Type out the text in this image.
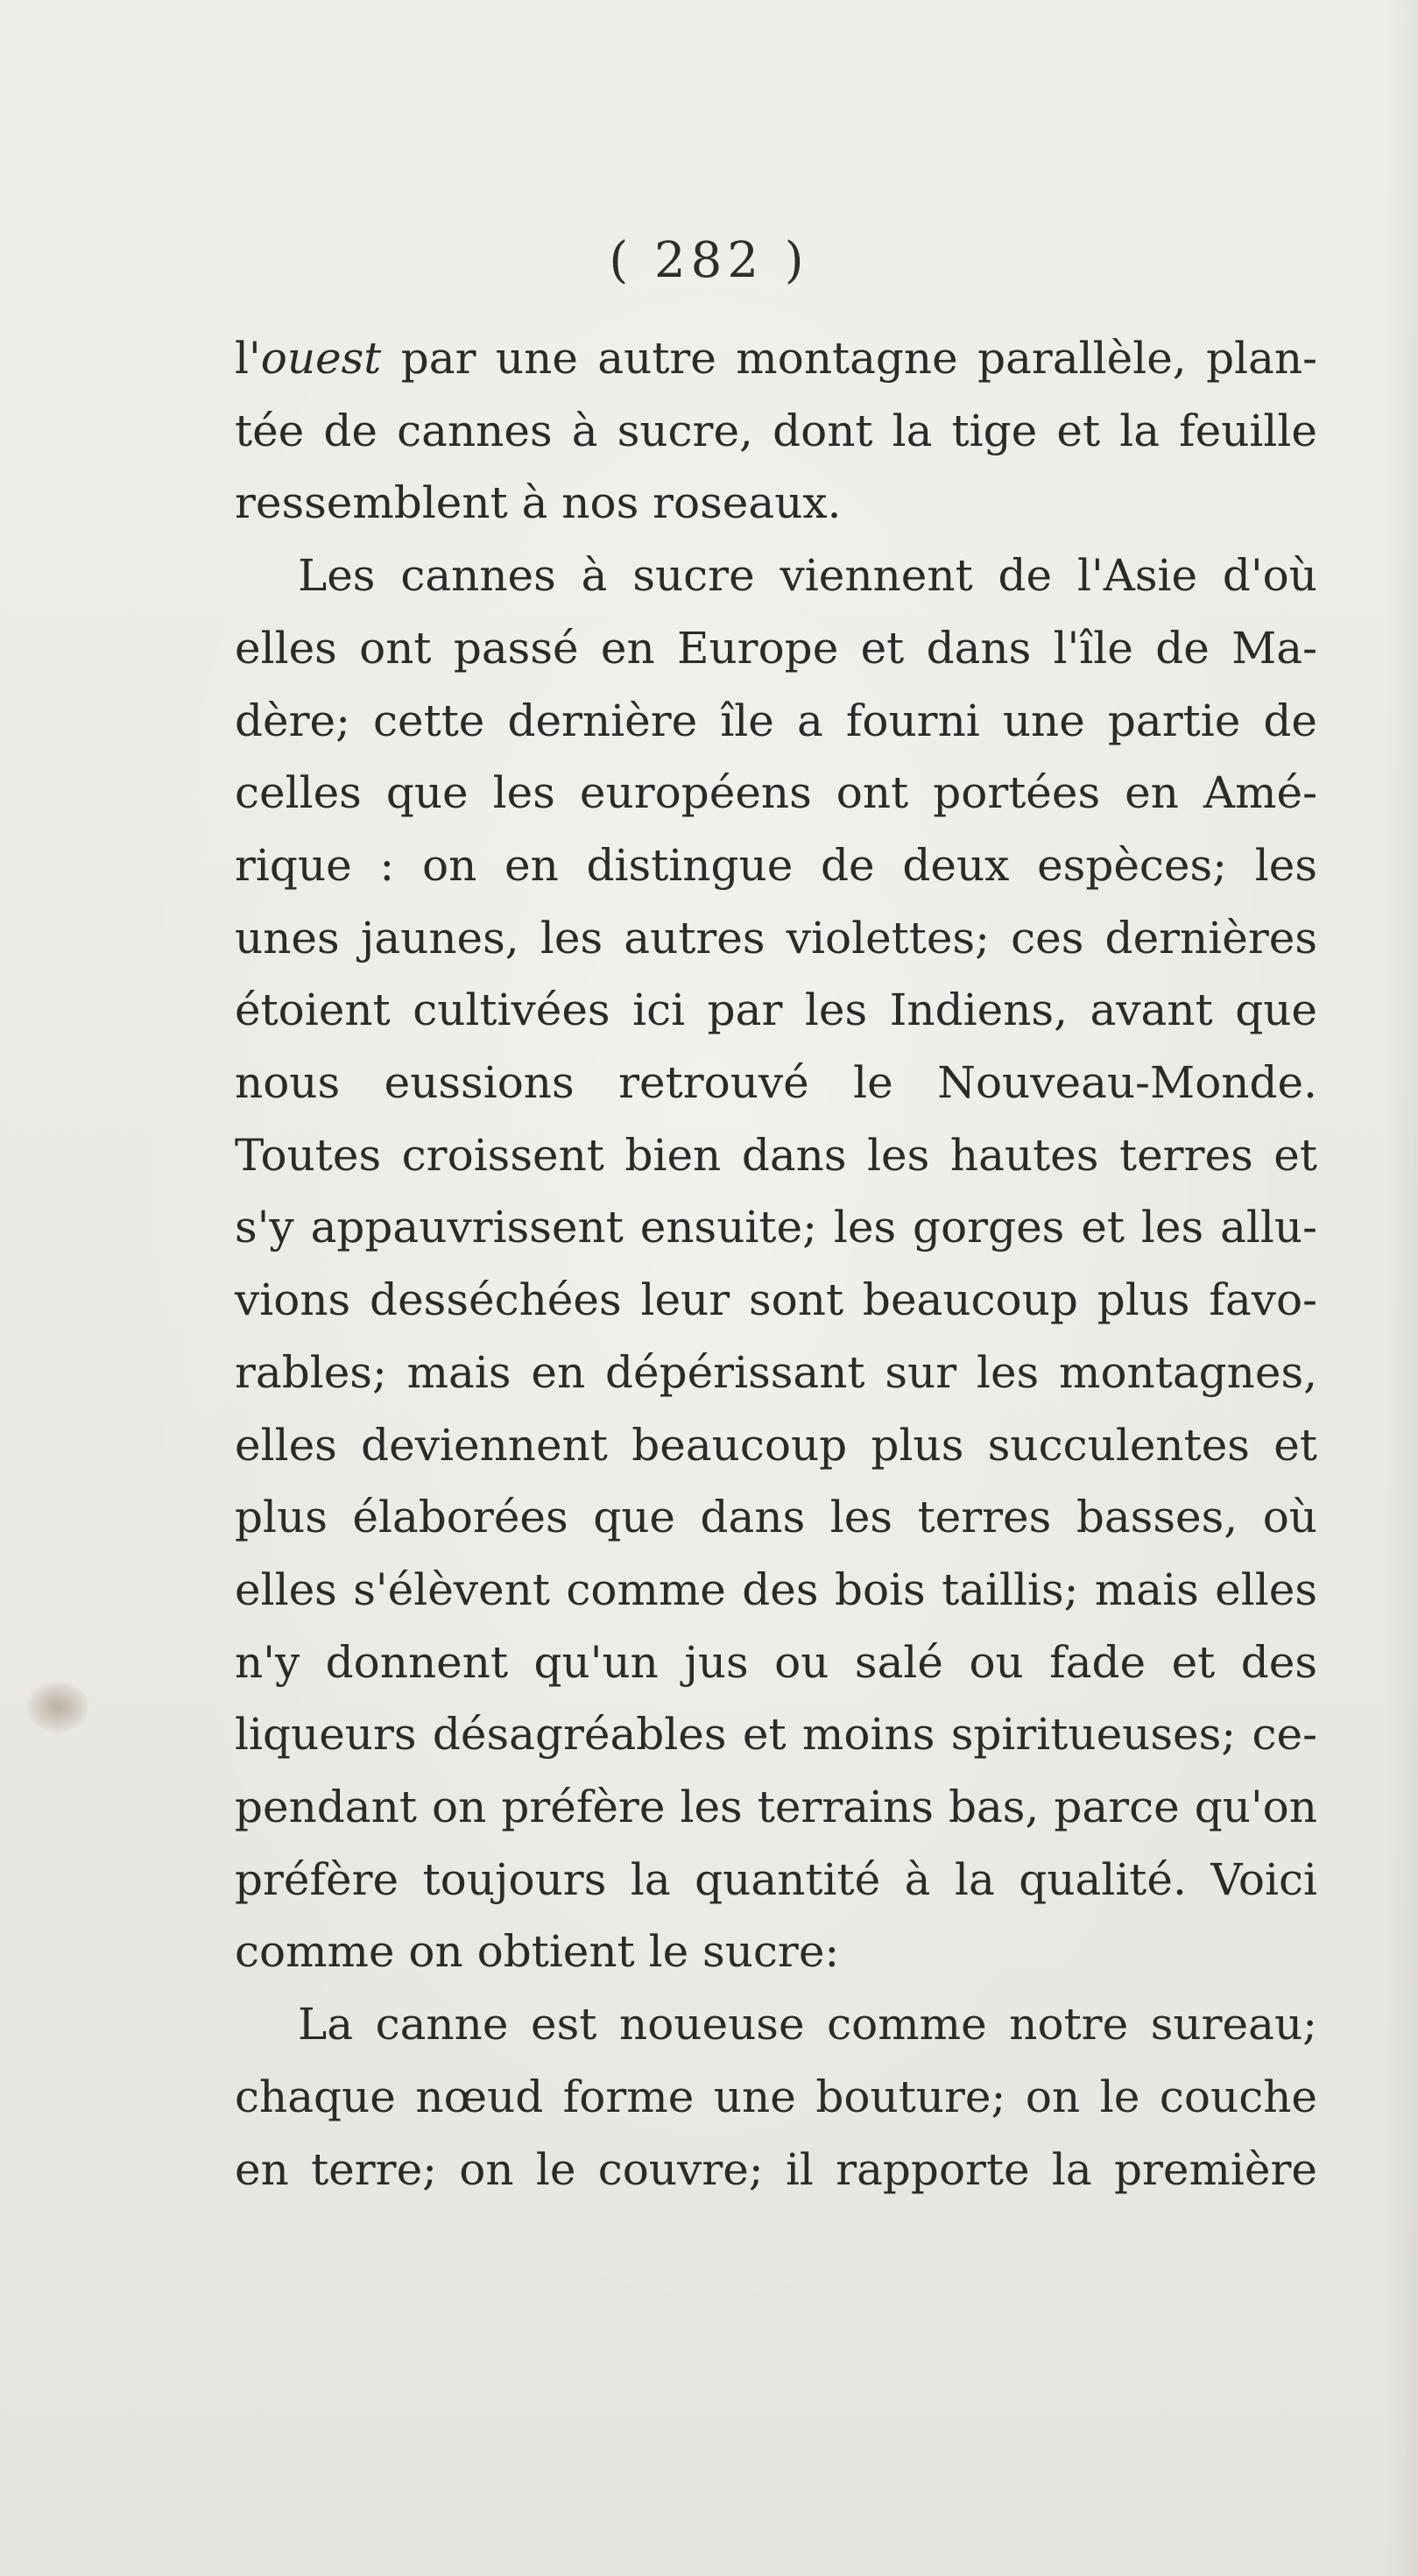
( 282 )
l'ouest par une autre montagne parallèle, plan-
tée de cannes à sucre, dont la tige et la feuille
ressemblent à nos roseaux.
Les cannes à sucre viennent de l'Asie d'où
elles ont passé en Europe et dans l'île de Ma-
dère; cette dernière île a fourni une partie de
celles que les européens ont portées en Amé-
rique : on en distingue de deux espèces; les
unes jaunes, les autres violettes; ces dernières
étoient cultivées ici par les Indiens, avant que
nous eussions retrouvé le Nouveau-Monde.
Toutes croissent bien dans les hautes terres et
s'y appauvrissent ensuite; les gorges et les allu-
vions desséchées leur sont beaucoup plus favo-
rables; mais en dépérissant sur les montagnes,
elles deviennent beaucoup plus succulentes et
plus élaborées que dans les terres basses, où
elles s'élèvent comme des bois taillis; mais elles
n'y donnent qu'un jus ou salé ou fade et des
liqueurs désagréables et moins spiritueuses; ce-
pendant on préfère les terrains bas, parce qu'on
préfère toujours la quantité à la qualité. Voici
comme on obtient le sucre:
La canne est noueuse comme notre sureau;
chaque nœud forme une bouture; on le couche
en terre; on le couvre; il rapporte la première
